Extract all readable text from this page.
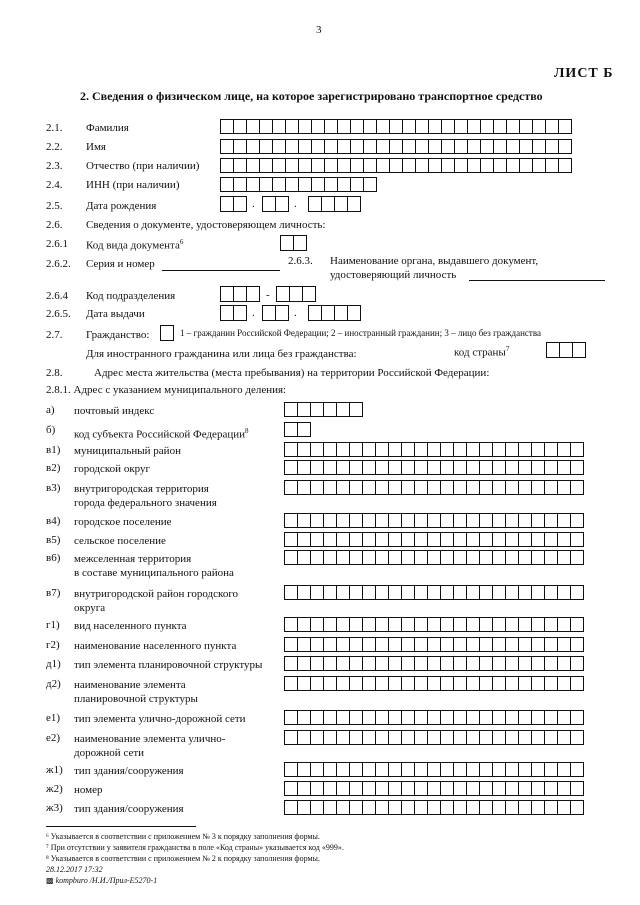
3
ЛИСТ Б
2. Сведения о физическом лице, на которое зарегистрировано транспортное средство
2.1. Фамилия
2.2. Имя
2.3. Отчество (при наличии)
2.4. ИНН (при наличии)
2.5. Дата рождения	.	.
2.6. Сведения о документе, удостоверяющем личность:
2.6.1 Код вида документа$^6$
2.6.2. Серия и номер	2.6.3. Наименование органа, выдавшего документ,
удостоверяющий личность
2.6.4 Код подразделения	-
2.6.5. Дата выдачи	.	.
2.7. Гражданство:	1 – гражданин Российской Федерации; 2 – иностранный гражданин; 3 – лицо без гражданства
Для иностранного гражданина или лица без гражданства:	код страны$^7$
2.8.	Адрес места жительства (места пребывания) на территории Российской Федерации:
2.8.1. Адрес с указанием муниципального деления:
а) почтовый индекс
б) код субъекта Российской Федерации$^8$
в1) муниципальный район
в2) городской округ
в3) внутригородская территория
города федерального значения
в4) городское поселение
в5) сельское поселение
в6) межселенная территория
в составе муниципального района
в7) внутригородской район городского
округа
г1) вид населенного пункта
г2) наименование населенного пункта
д1) тип элемента планировочной структуры
д2) наименование элемента
планировочной структуры
е1) тип элемента улично-дорожной сети
е2) наименование элемента улично-
дорожной сети
ж1) тип здания/сооружения
ж2) номер
ж3) тип здания/сооружения
⁶ Указывается в соответствии с приложением № 3 к порядку заполнения формы.
⁷ При отсутствии у заявителя гражданства в поле «Код страны» указывается код «999».
⁸ Указывается в соответствии с приложением № 2 к порядку заполнения формы.
28.12.2017 17:32
▩ kompburo /Н.И./Прил-E5270-1
